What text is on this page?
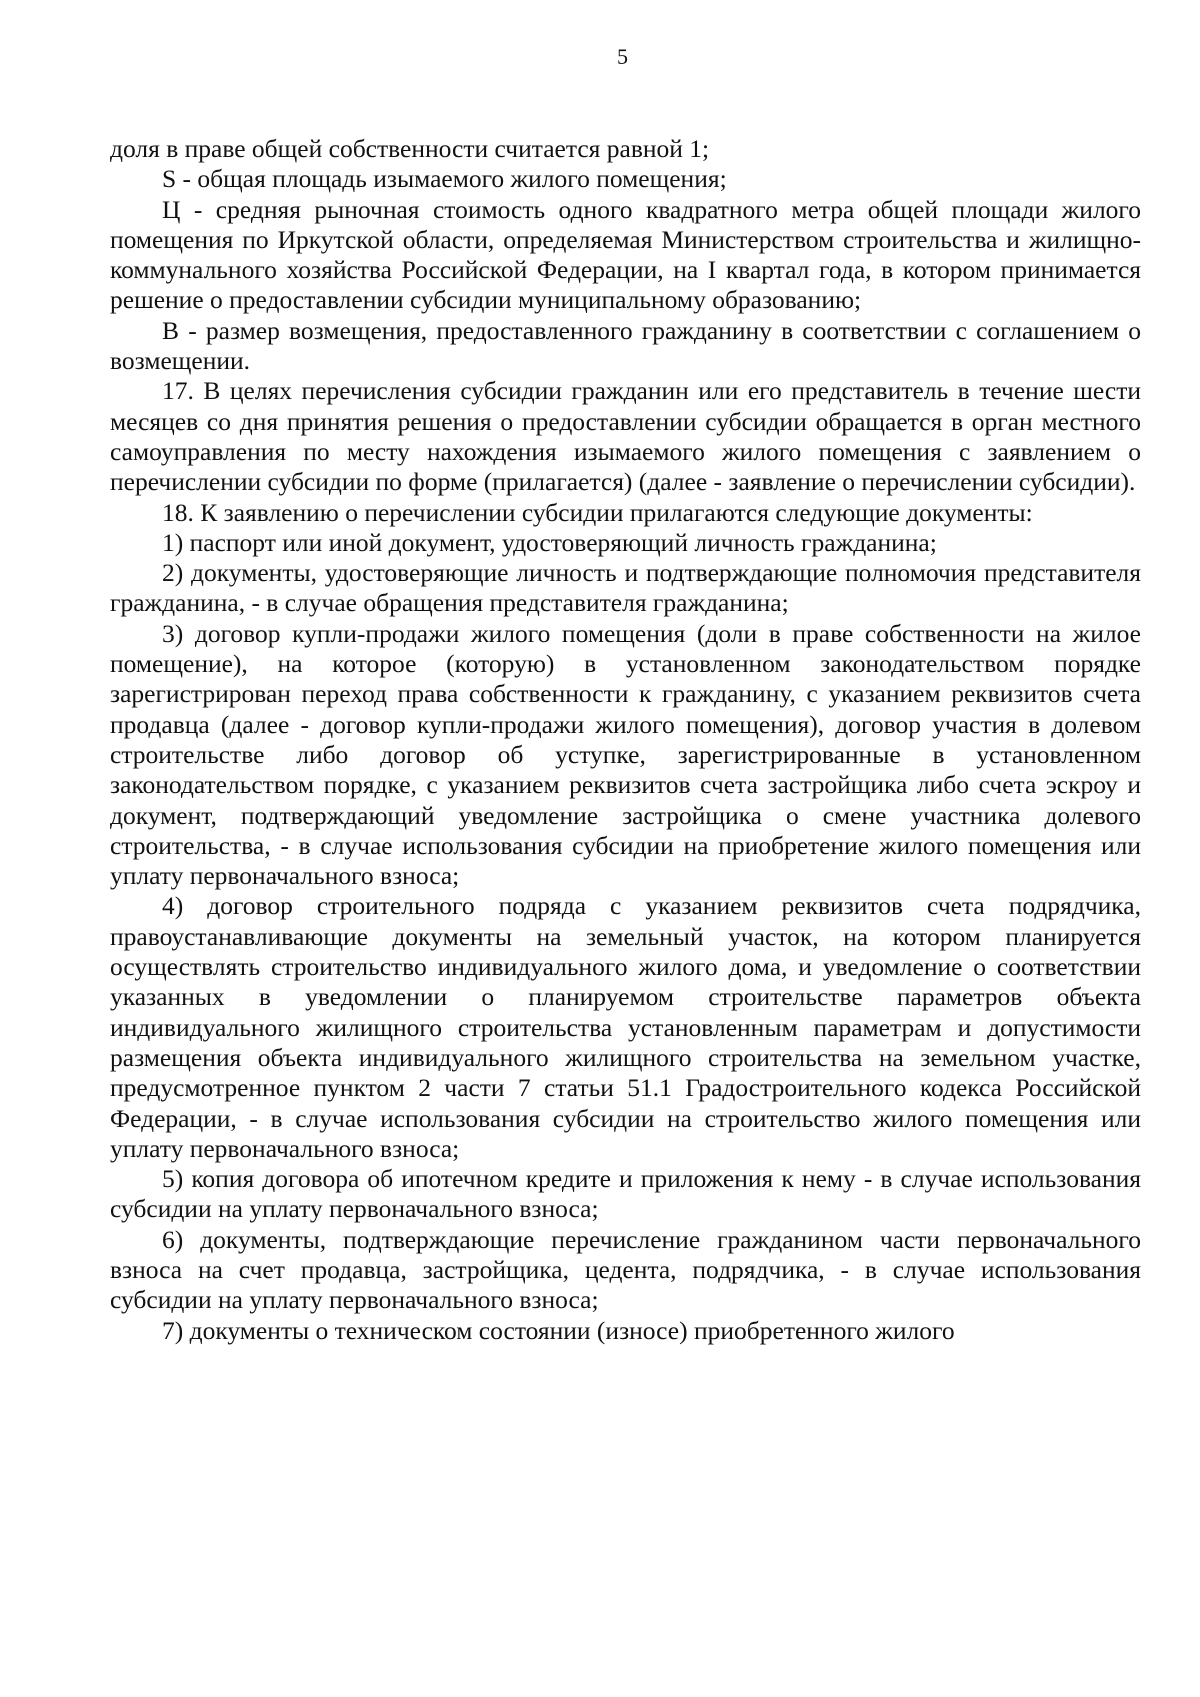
5

доля в праве общей собственности считается равной 1;

S - общая площадь изымаемого жилого помещения;

Ц - средняя рыночная стоимость одного квадратного метра общей площади жилого помещения по Иркутской области, определяемая Министерством строительства и жилищно-коммунального хозяйства Российской Федерации, на I квартал года, в котором принимается решение о предоставлении субсидии муниципальному образованию;

В - размер возмещения, предоставленного гражданину в соответствии с соглашением о возмещении.

17. В целях перечисления субсидии гражданин или его представитель в течение шести месяцев со дня принятия решения о предоставлении субсидии обращается в орган местного самоуправления по месту нахождения изымаемого жилого помещения с заявлением о перечислении субсидии по форме (прилагается) (далее - заявление о перечислении субсидии).

18. К заявлению о перечислении субсидии прилагаются следующие документы:

1) паспорт или иной документ, удостоверяющий личность гражданина;

2) документы, удостоверяющие личность и подтверждающие полномочия представителя гражданина, - в случае обращения представителя гражданина;

3) договор купли-продажи жилого помещения (доли в праве собственности на жилое помещение), на которое (которую) в установленном законодательством порядке зарегистрирован переход права собственности к гражданину, с указанием реквизитов счета продавца (далее - договор купли-продажи жилого помещения), договор участия в долевом строительстве либо договор об уступке, зарегистрированные в установленном законодательством порядке, с указанием реквизитов счета застройщика либо счета эскроу и документ, подтверждающий уведомление застройщика о смене участника долевого строительства, - в случае использования субсидии на приобретение жилого помещения или уплату первоначального взноса;

4) договор строительного подряда с указанием реквизитов счета подрядчика, правоустанавливающие документы на земельный участок, на котором планируется осуществлять строительство индивидуального жилого дома, и уведомление о соответствии указанных в уведомлении о планируемом строительстве параметров объекта индивидуального жилищного строительства установленным параметрам и допустимости размещения объекта индивидуального жилищного строительства на земельном участке, предусмотренное пунктом 2 части 7 статьи 51.1 Градостроительного кодекса Российской Федерации, - в случае использования субсидии на строительство жилого помещения или уплату первоначального взноса;

5) копия договора об ипотечном кредите и приложения к нему - в случае использования субсидии на уплату первоначального взноса;

6) документы, подтверждающие перечисление гражданином части первоначального взноса на счет продавца, застройщика, цедента, подрядчика, - в случае использования субсидии на уплату первоначального взноса;

7) документы о техническом состоянии (износе) приобретенного жилого
